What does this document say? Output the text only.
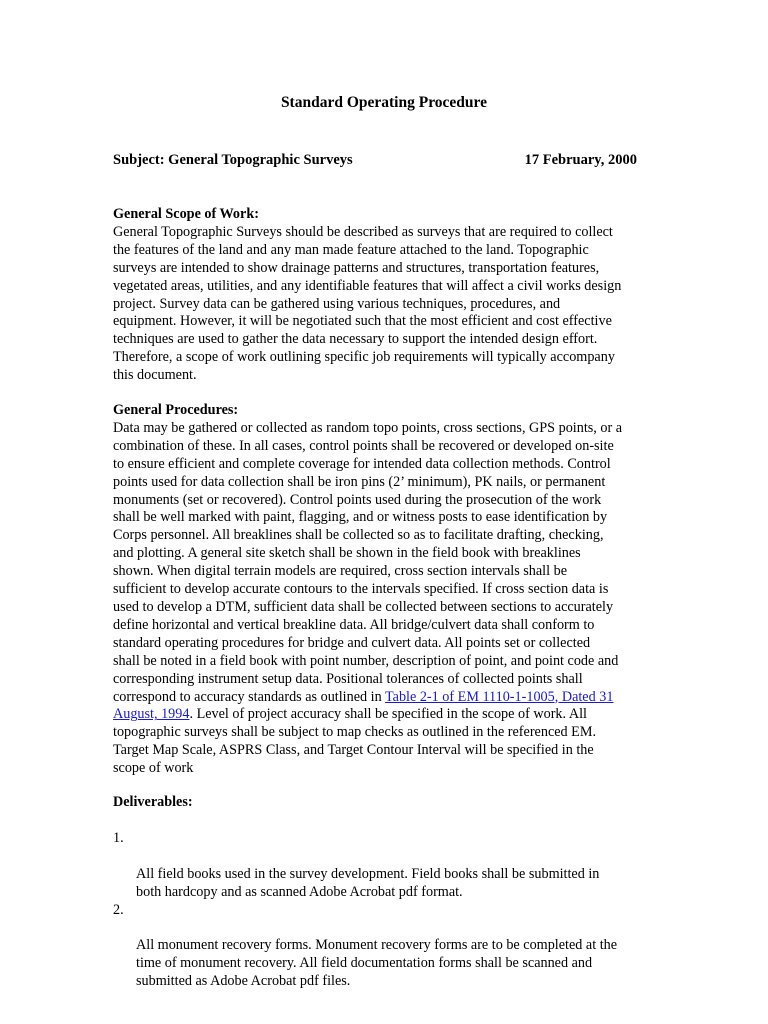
Standard Operating Procedure
Subject: General Topographic Surveys	17 February, 2000
General Scope of Work:
General Topographic Surveys should be described as surveys that are required to collect
the features of the land and any man made feature attached to the land. Topographic
surveys are intended to show drainage patterns and structures, transportation features,
vegetated areas, utilities, and any identifiable features that will affect a civil works design
project. Survey data can be gathered using various techniques, procedures, and
equipment. However, it will be negotiated such that the most efficient and cost effective
techniques are used to gather the data necessary to support the intended design effort.
Therefore, a scope of work outlining specific job requirements will typically accompany
this document.
General Procedures:
Data may be gathered or collected as random topo points, cross sections, GPS points, or a
combination of these. In all cases, control points shall be recovered or developed on-site
to ensure efficient and complete coverage for intended data collection methods. Control
points used for data collection shall be iron pins (2’ minimum), PK nails, or permanent
monuments (set or recovered). Control points used during the prosecution of the work
shall be well marked with paint, flagging, and or witness posts to ease identification by
Corps personnel. All breaklines shall be collected so as to facilitate drafting, checking,
and plotting. A general site sketch shall be shown in the field book with breaklines
shown. When digital terrain models are required, cross section intervals shall be
sufficient to develop accurate contours to the intervals specified. If cross section data is
used to develop a DTM, sufficient data shall be collected between sections to accurately
define horizontal and vertical breakline data. All bridge/culvert data shall conform to
standard operating procedures for bridge and culvert data. All points set or collected
shall be noted in a field book with point number, description of point, and point code and
corresponding instrument setup data. Positional tolerances of collected points shall
correspond to accuracy standards as outlined in Table 2-1 of EM 1110-1-1005, Dated 31
August, 1994. Level of project accuracy shall be specified in the scope of work. All
topographic surveys shall be subject to map checks as outlined in the referenced EM.
Target Map Scale, ASPRS Class, and Target Contour Interval will be specified in the
scope of work
Deliverables:

1.

All field books used in the survey development. Field books shall be submitted in
both hardcopy and as scanned Adobe Acrobat pdf format.

2.

All monument recovery forms. Monument recovery forms are to be completed at the
time of monument recovery. All field documentation forms shall be scanned and
submitted as Adobe Acrobat pdf files.
